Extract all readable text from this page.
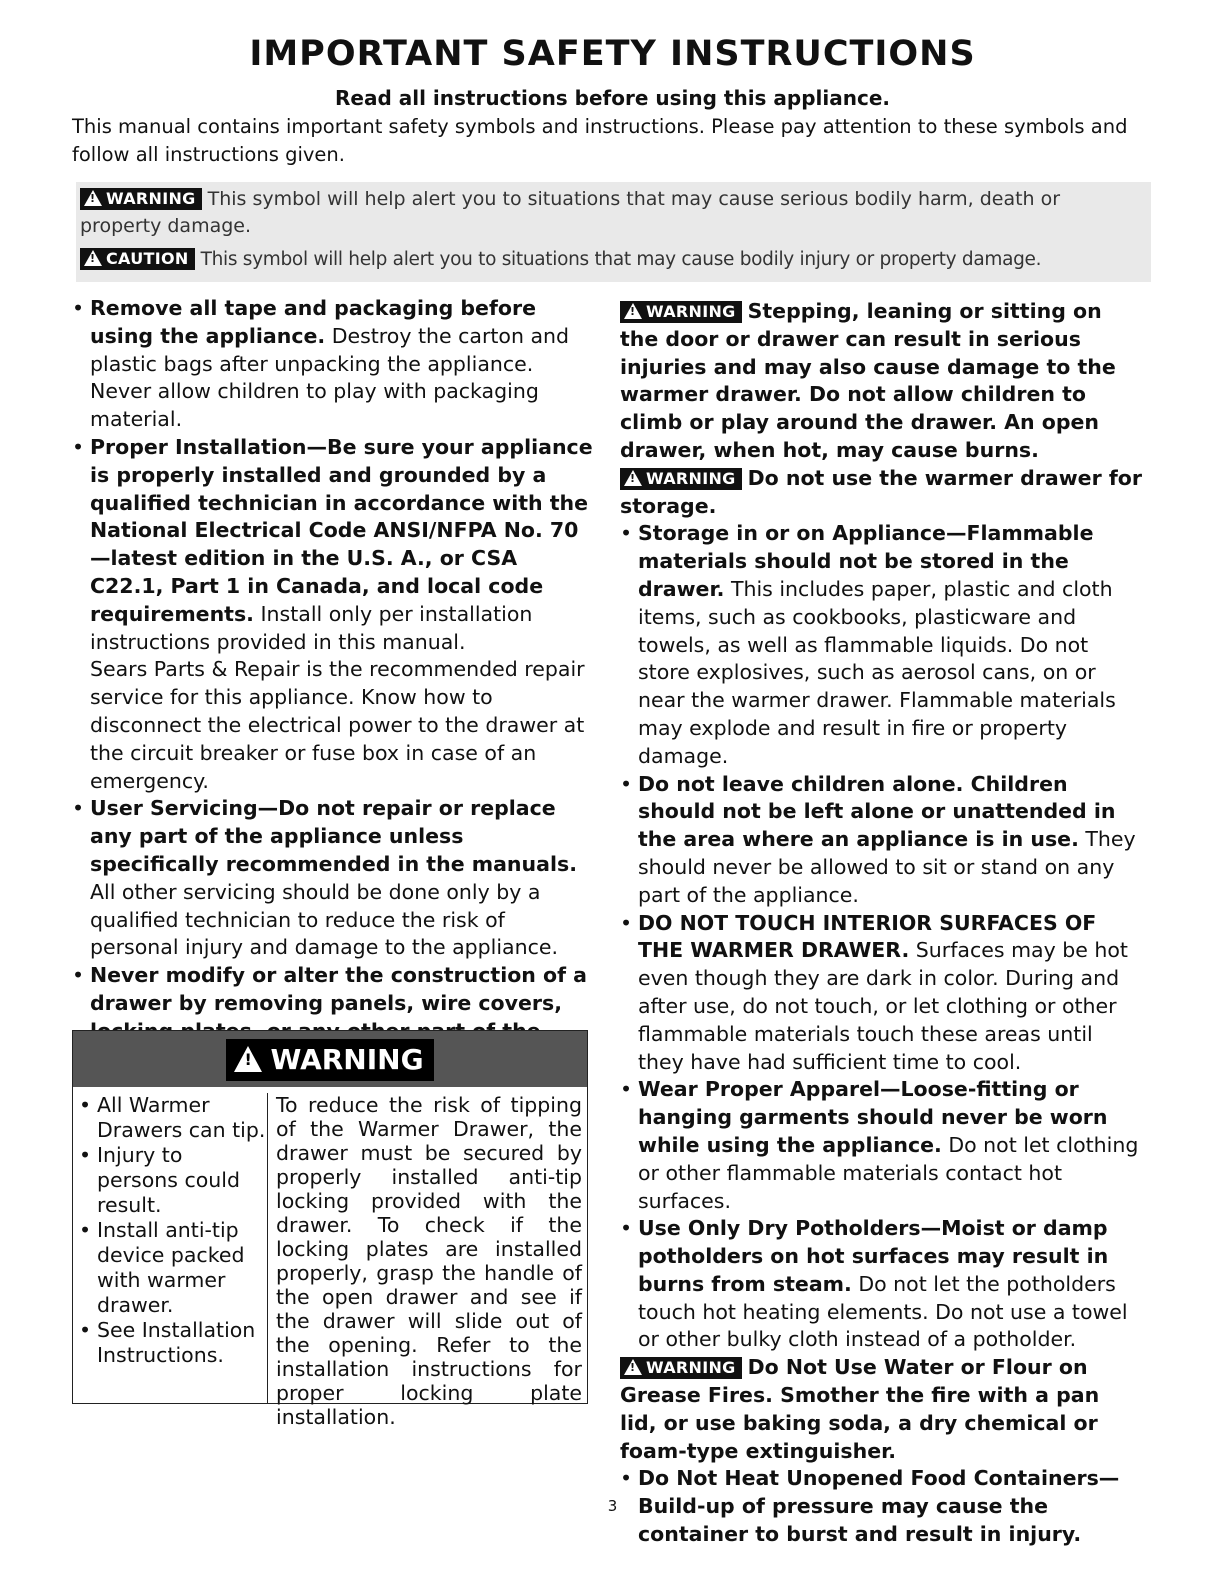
IMPORTANT SAFETY INSTRUCTIONS
Read all instructions before using this appliance.

This manual contains important safety symbols and instructions. Please pay attention to these symbols and follow all instructions given.

!WARNING This symbol will help alert you to situations that may cause serious bodily harm, death or property damage.
!CAUTION This symbol will help alert you to situations that may cause bodily injury or property damage.
• Remove all tape and packaging before using the appliance. Destroy the carton and plastic bags after unpacking the appliance. Never allow children to play with packaging material.
• Proper Installation—Be sure your appliance is properly installed and grounded by a qualified technician in accordance with the National Electrical Code ANSI/NFPA No. 70—latest edition in the U.S. A., or CSA C22.1, Part 1 in Canada, and local code requirements. Install only per installation instructions provided in this manual.
Sears Parts & Repair is the recommended repair service for this appliance. Know how to disconnect the electrical power to the drawer at the circuit breaker or fuse box in case of an emergency.
• User Servicing—Do not repair or replace any part of the appliance unless specifically recommended in the manuals. All other servicing should be done only by a qualified technician to reduce the risk of personal injury and damage to the appliance.
• Never modify or alter the construction of a drawer by removing panels, wire covers,
!WARNING
• All Warmer Drawers can tip.
• Injury to persons could result.
• Install anti-tip device packed with warmer drawer.
• See Installation Instructions.
To reduce the risk of tipping of the Warmer Drawer, the drawer must be secured by properly installed anti-tip locking provided with the drawer. To check if the locking plates are installed properly, grasp the handle of the open drawer and see if the drawer will slide out of the opening. Refer to the installation instructions for proper locking plate installation.

!WARNING Stepping, leaning or sitting on the door or drawer can result in serious injuries and may also cause damage to the warmer drawer. Do not allow children to climb or play around the drawer. An open drawer, when hot, may cause burns.

!WARNING Do not use the warmer drawer for storage.

• Storage in or on Appliance—Flammable materials should not be stored in the drawer. This includes paper, plastic and cloth items, such as cookbooks, plasticware and towels, as well as flammable liquids. Do not store explosives, such as aerosol cans, on or near the warmer drawer. Flammable materials may explode and result in fire or property damage.
• Do not leave children alone. Children should not be left alone or unattended in the area where an appliance is in use. They should never be allowed to sit or stand on any part of the appliance.
• DO NOT TOUCH INTERIOR SURFACES OF THE WARMER DRAWER. Surfaces may be hot even though they are dark in color. During and after use, do not touch, or let clothing or other flammable materials touch these areas until they have had sufficient time to cool.
• Wear Proper Apparel—Loose-fitting or hanging garments should never be worn while using the appliance. Do not let clothing or other flammable materials contact hot surfaces.
• Use Only Dry Potholders—Moist or damp potholders on hot surfaces may result in burns from steam. Do not let the potholders touch hot heating elements. Do not use a towel or other bulky cloth instead of a potholder.

!WARNING Do Not Use Water or Flour on Grease Fires. Smother the fire with a pan lid, or use baking soda, a dry chemical or foam-type extinguisher.

• Do Not Heat Unopened Food Containers—Build-up of pressure may cause the container to burst and result in injury.
3
